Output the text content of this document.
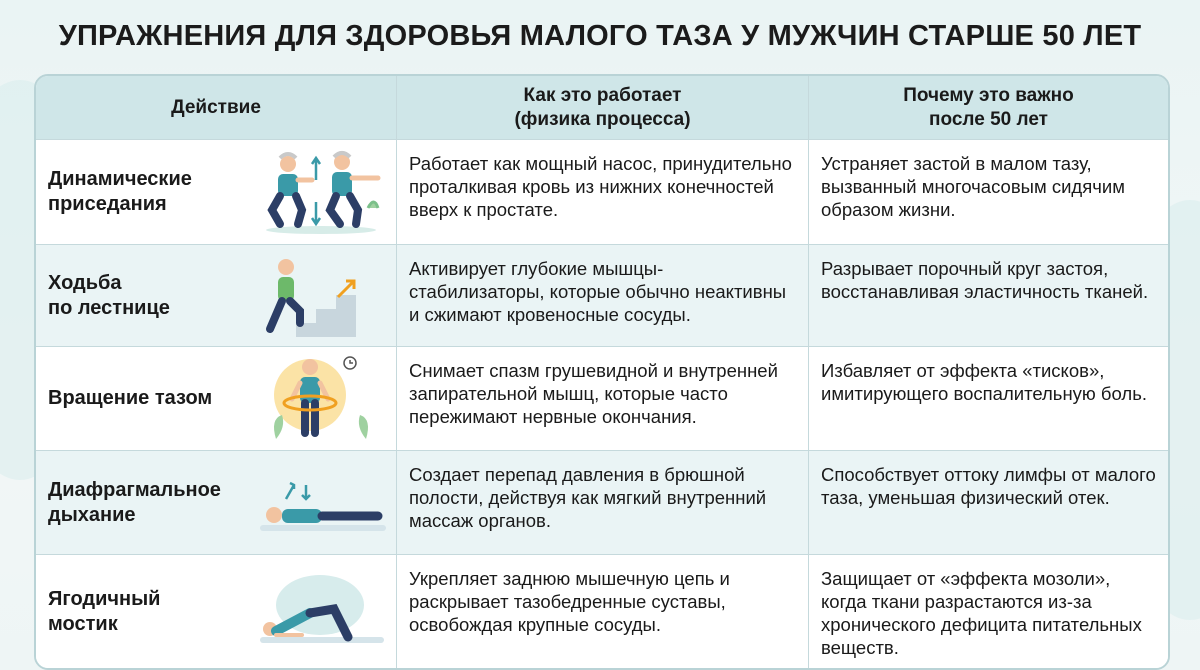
УПРАЖНЕНИЯ ДЛЯ ЗДОРОВЬЯ МАЛОГО ТАЗА У МУЖЧИН СТАРШЕ 50 ЛЕТ
Действие
Как это работает
(физика процесса)
Почему это важно
после 50 лет
Динамические
приседания
Работает как мощный насос, принудительно проталкивая кровь из нижних конечностей вверх к простате.
Устраняет застой в малом тазу, вызванный многочасовым сидячим образом жизни.
Ходьба
по лестнице
Активирует глубокие мышцы-стабилизаторы, которые обычно неактивны и сжимают кровеносные сосуды.
Разрывает порочный круг застоя, восстанавливая эластичность тканей.
Вращение тазом
Снимает спазм грушевидной и внутренней запирательной мышц, которые часто пережимают нервные окончания.
Избавляет от эффекта «тисков», имитирующего воспалительную боль.
Диафрагмальное
дыхание
Создает перепад давления в брюшной полости, действуя как мягкий внутренний массаж органов.
Способствует оттоку лимфы от малого таза, уменьшая физический отек.
Ягодичный
мостик
Укрепляет заднюю мышечную цепь и раскрывает тазобедренные суставы, освобождая крупные сосуды.
Защищает от «эффекта мозоли», когда ткани разрастаются из-за хронического дефицита питательных веществ.
